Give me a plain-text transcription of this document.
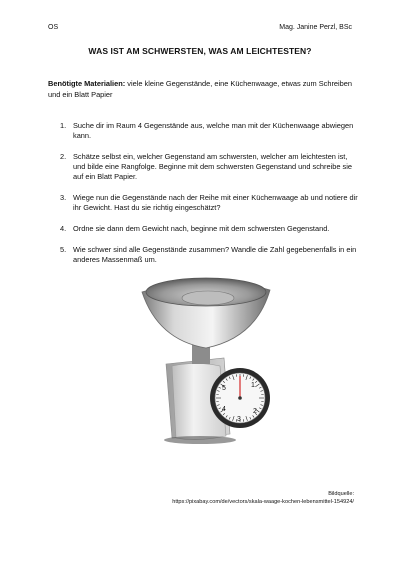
OS	Mag. Janine Perzl, BSc
WAS IST AM SCHWERSTEN, WAS AM LEICHTESTEN?
Benötigte Materialien: viele kleine Gegenstände, eine Küchenwaage, etwas zum Schreiben und ein Blatt Papier
1. Suche dir im Raum 4 Gegenstände aus, welche man mit der Küchenwaage abwiegen kann.
2. Schätze selbst ein, welcher Gegenstand am schwersten, welcher am leichtesten ist, und bilde eine Rangfolge. Beginne mit dem schwersten Gegenstand und schreibe sie auf ein Blatt Papier.
3. Wiege nun die Gegenstände nach der Reihe mit einer Küchenwaage ab und notiere dir ihr Gewicht. Hast du sie richtig eingeschätzt?
4. Ordne sie dann dem Gewicht nach, beginne mit dem schwersten Gegenstand.
5. Wie schwer sind alle Gegenstände zusammen? Wandle die Zahl gegebenenfalls in ein anderes Massenmaß um.
1
2
3
4
5
Bildquelle:
https://pixabay.com/de/vectors/skala-waage-kochen-lebensmittel-154924/
